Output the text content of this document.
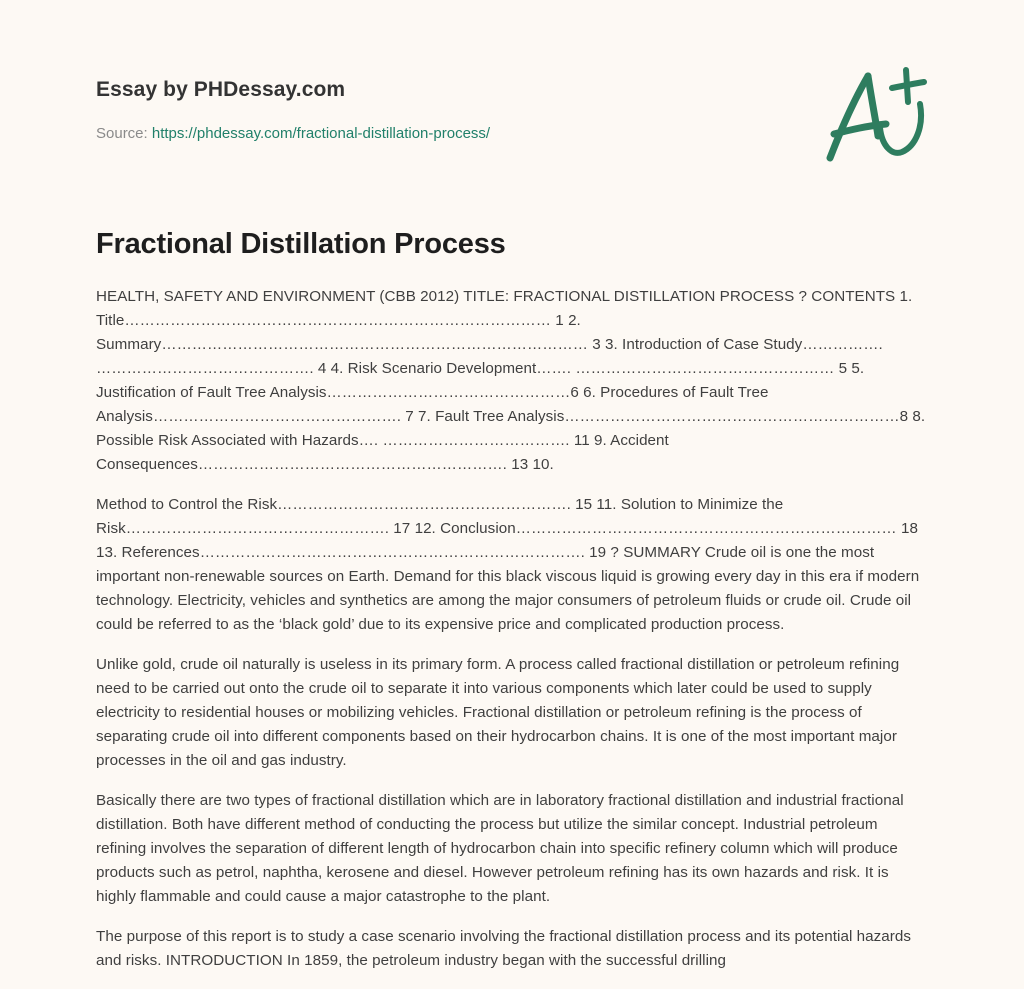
Essay by PHDessay.com
Source: https://phdessay.com/fractional-distillation-process/
Fractional Distillation Process

HEALTH, SAFETY AND ENVIRONMENT (CBB 2012) TITLE: FRACTIONAL DISTILLATION PROCESS ? CONTENTS 1. Title………………………………………………………………………… 1 2. Summary………………………………………………………………………… 3 3. Introduction of Case Study……………. ……………………………………. 4 4. Risk Scenario Development……. …………………………………………… 5 5. Justification of Fault Tree Analysis…………………………………………6 6. Procedures of Fault Tree Analysis…………………………………………. 7 7. Fault Tree Analysis…………………………………………………………8 8. Possible Risk Associated with Hazards…. ………………………………. 11 9. Accident Consequences……………………………………………………. 13 10.

Method to Control the Risk…………………………………………………. 15 11. Solution to Minimize the Risk……………………………………………. 17 12. Conclusion………………………………………………………………… 18 13. References…………………………………………………………………. 19 ? SUMMARY Crude oil is one the most important non-renewable sources on Earth. Demand for this black viscous liquid is growing every day in this era if modern technology. Electricity, vehicles and synthetics are among the major consumers of petroleum fluids or crude oil. Crude oil could be referred to as the ‘black gold’ due to its expensive price and complicated production process.

Unlike gold, crude oil naturally is useless in its primary form. A process called fractional distillation or petroleum refining need to be carried out onto the crude oil to separate it into various components which later could be used to supply electricity to residential houses or mobilizing vehicles. Fractional distillation or petroleum refining is the process of separating crude oil into different components based on their hydrocarbon chains. It is one of the most important major processes in the oil and gas industry.

Basically there are two types of fractional distillation which are in laboratory fractional distillation and industrial fractional distillation. Both have different method of conducting the process but utilize the similar concept. Industrial petroleum refining involves the separation of different length of hydrocarbon chain into specific refinery column which will produce products such as petrol, naphtha, kerosene and diesel. However petroleum refining has its own hazards and risk. It is highly flammable and could cause a major catastrophe to the plant.

The purpose of this report is to study a case scenario involving the fractional distillation process and its potential hazards and risks. INTRODUCTION In 1859, the petroleum industry began with the successful drilling
